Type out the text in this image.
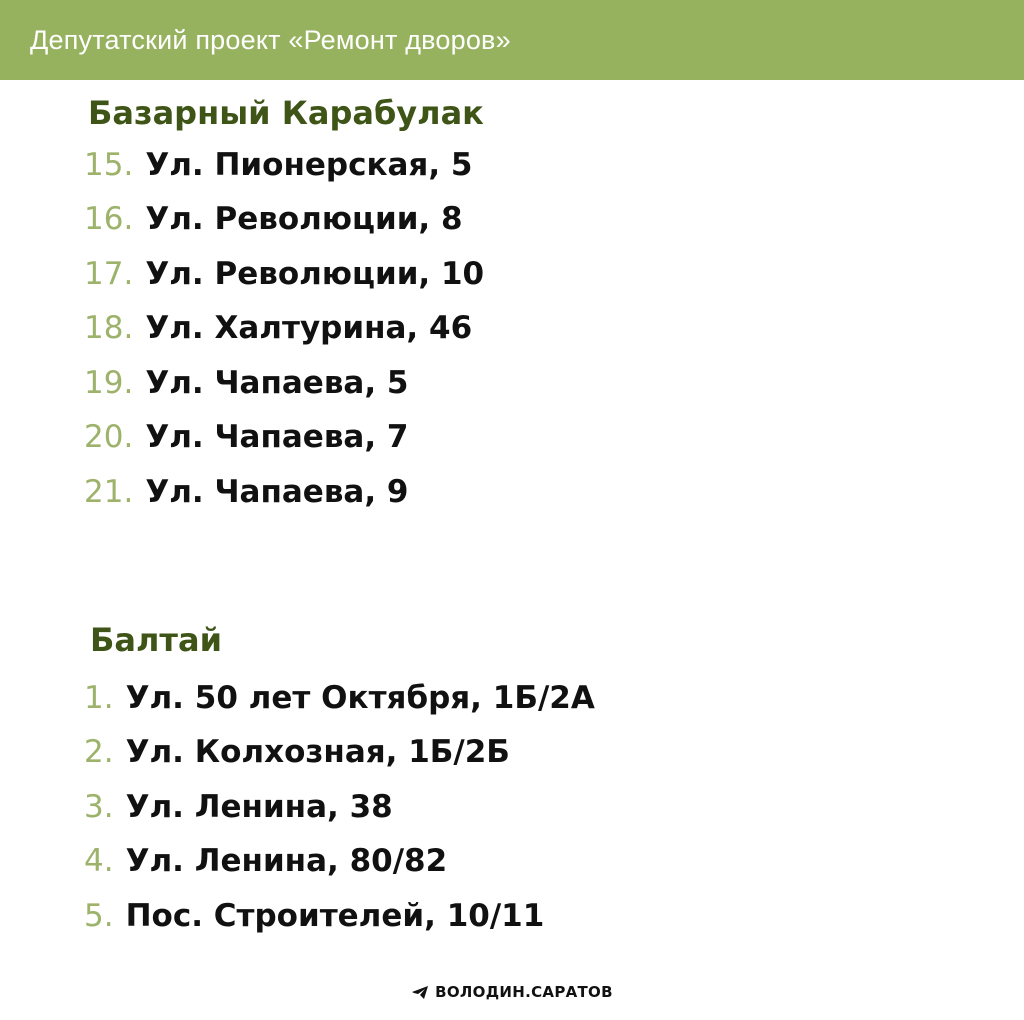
Депутатский проект «Ремонт дворов»
Базарный Карабулак
15. Ул. Пионерская, 5
16. Ул. Революции, 8
17. Ул. Революции, 10
18. Ул. Халтурина, 46
19. Ул. Чапаева, 5
20. Ул. Чапаева, 7
21. Ул. Чапаева, 9
Балтай
1. Ул. 50 лет Октября, 1Б/2А
2. Ул. Колхозная, 1Б/2Б
3. Ул. Ленина, 38
4. Ул. Ленина, 80/82
5. Пос. Строителей, 10/11
ВОЛОДИН.САРАТОВ
